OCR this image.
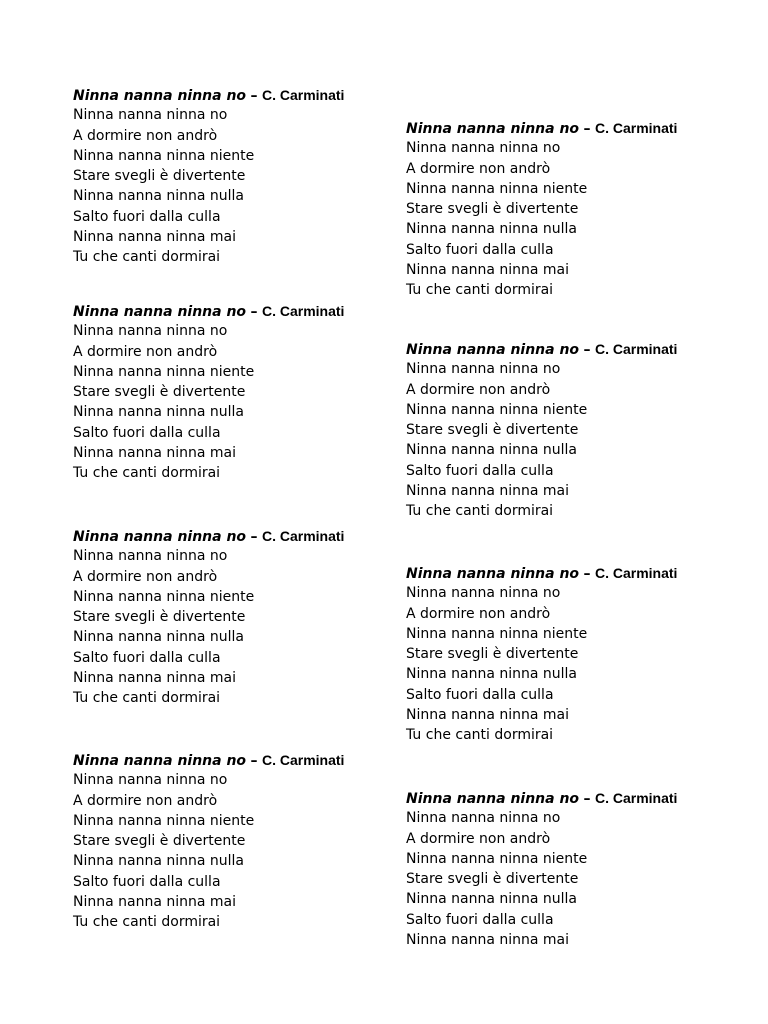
Ninna nanna ninna no – C. Carminati
Ninna nanna ninna no
A dormire non andrò
Ninna nanna ninna niente
Stare svegli è divertente
Ninna nanna ninna nulla
Salto fuori dalla culla
Ninna nanna ninna mai
Tu che canti dormirai
Ninna nanna ninna no – C. Carminati
Ninna nanna ninna no
A dormire non andrò
Ninna nanna ninna niente
Stare svegli è divertente
Ninna nanna ninna nulla
Salto fuori dalla culla
Ninna nanna ninna mai
Tu che canti dormirai
Ninna nanna ninna no – C. Carminati
Ninna nanna ninna no
A dormire non andrò
Ninna nanna ninna niente
Stare svegli è divertente
Ninna nanna ninna nulla
Salto fuori dalla culla
Ninna nanna ninna mai
Tu che canti dormirai
Ninna nanna ninna no – C. Carminati
Ninna nanna ninna no
A dormire non andrò
Ninna nanna ninna niente
Stare svegli è divertente
Ninna nanna ninna nulla
Salto fuori dalla culla
Ninna nanna ninna mai
Tu che canti dormirai
Ninna nanna ninna no – C. Carminati
Ninna nanna ninna no
A dormire non andrò
Ninna nanna ninna niente
Stare svegli è divertente
Ninna nanna ninna nulla
Salto fuori dalla culla
Ninna nanna ninna mai
Tu che canti dormirai
Ninna nanna ninna no – C. Carminati
Ninna nanna ninna no
A dormire non andrò
Ninna nanna ninna niente
Stare svegli è divertente
Ninna nanna ninna nulla
Salto fuori dalla culla
Ninna nanna ninna mai
Tu che canti dormirai
Ninna nanna ninna no – C. Carminati
Ninna nanna ninna no
A dormire non andrò
Ninna nanna ninna niente
Stare svegli è divertente
Ninna nanna ninna nulla
Salto fuori dalla culla
Ninna nanna ninna mai
Tu che canti dormirai
Ninna nanna ninna no – C. Carminati
Ninna nanna ninna no
A dormire non andrò
Ninna nanna ninna niente
Stare svegli è divertente
Ninna nanna ninna nulla
Salto fuori dalla culla
Ninna nanna ninna mai
